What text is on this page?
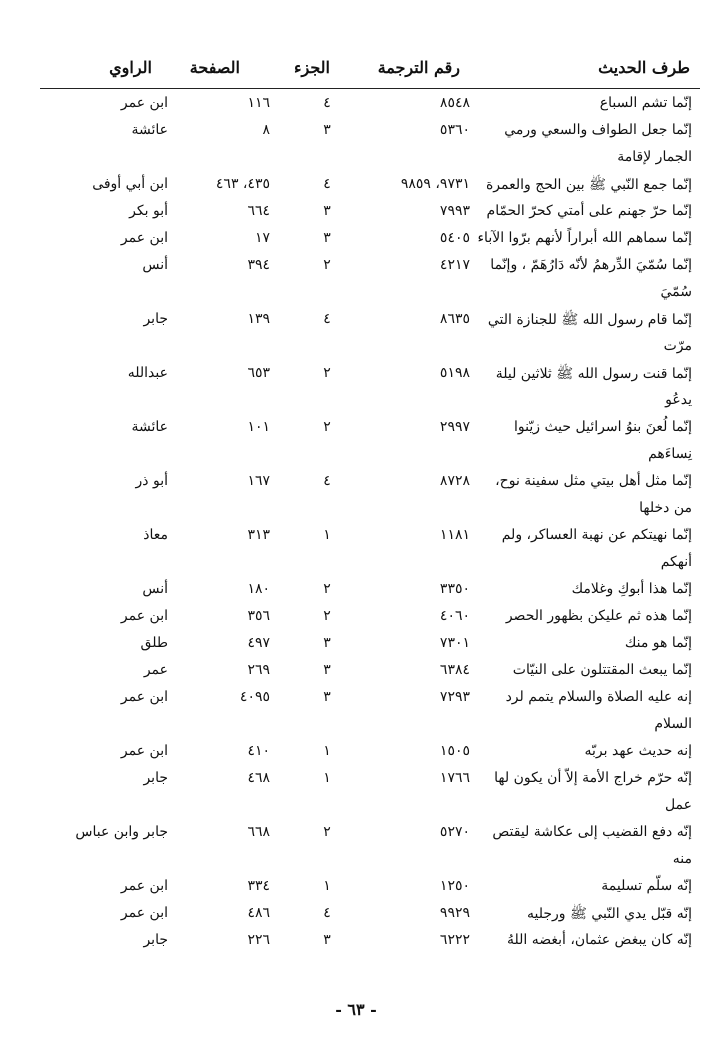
طرف الحديث
رقم الترجمة
الجزء
الصفحة
الراوي
إنّما تشم السباع
٨٥٤٨
٤
١١٦
ابن عمر
إنّما جعل الطواف والسعي ورمي
٥٣٦٠
٣
٨
عائشة
الجمار لإقامة
إنّما جمع النّبي ﷺ بين الحج والعمرة
٩٧٣١، ٩٨٥٩
٤
٤٣٥، ٤٦٣
ابن أبي أوفى
إنّما حرّ جهنم على أمتي كحرّ الحمّام
٧٩٩٣
٣
٦٦٤
أبو بكر
إنّما سماهم الله أبراراً لأنهم برّوا الآباء
٥٤٠٥
٣
١٧
ابن عمر
إنّما سُمّيَ الدِّرهمُ لأنّه دَارُهَمّ ، وإنّما
٤٢١٧
٢
٣٩٤
أنس
سُمّيَ
إنّما قام رسول الله ﷺ للجنازة التي
٨٦٣٥
٤
١٣٩
جابر
مرّت
إنّما قنت رسول الله ﷺ ثلاثين ليلة
٥١٩٨
٢
٦٥٣
عبدالله
يدعُو
إنّما لُعنَ بنوُ اسرائيل حيث زيّنوا
٢٩٩٧
٢
١٠١
عائشة
نِساءَهم
إنّما مثل أهل بيتي مثل سفينة نوح،
٨٧٢٨
٤
١٦٧
أبو ذر
من دخلها
إنّما نهيتكم عن نهبة العساكر، ولم
١١٨١
١
٣١٣
معاذ
أنهكم
إنّما هذا أبوكِ وغلامك
٣٣٥٠
٢
١٨٠
أنس
إنّما هذه ثم عليكن بظهور الحصر
٤٠٦٠
٢
٣٥٦
ابن عمر
إنّما هو منك
٧٣٠١
٣
٤٩٧
طلق
إنّما يبعث المقتتلون على النيّات
٦٣٨٤
٣
٢٦٩
عمر
إنه عليه الصلاة والسلام يتمم لرد
٧٢٩٣
٣
٤٠٩٥
ابن عمر
السلام
إنه حديث عهد بربّه
١٥٠٥
١
٤١٠
ابن عمر
إنّه حرّم خراج الأمة إلاّ أن يكون لها
١٧٦٦
١
٤٦٨
جابر
عمل
إنّه دفع القضيب إلى عكاشة ليقتص
٥٢٧٠
٢
٦٦٨
جابر وابن عباس
منه
إنّه سلّم تسليمة
١٢٥٠
١
٣٣٤
ابن عمر
إنّه قبّل يدي النّبي ﷺ ورجليه
٩٩٢٩
٤
٤٨٦
ابن عمر
إنّه كان يبغض عثمان، أبغضه اللهُ
٦٢٢٢
٣
٢٢٦
جابر
- ٦٣ -
